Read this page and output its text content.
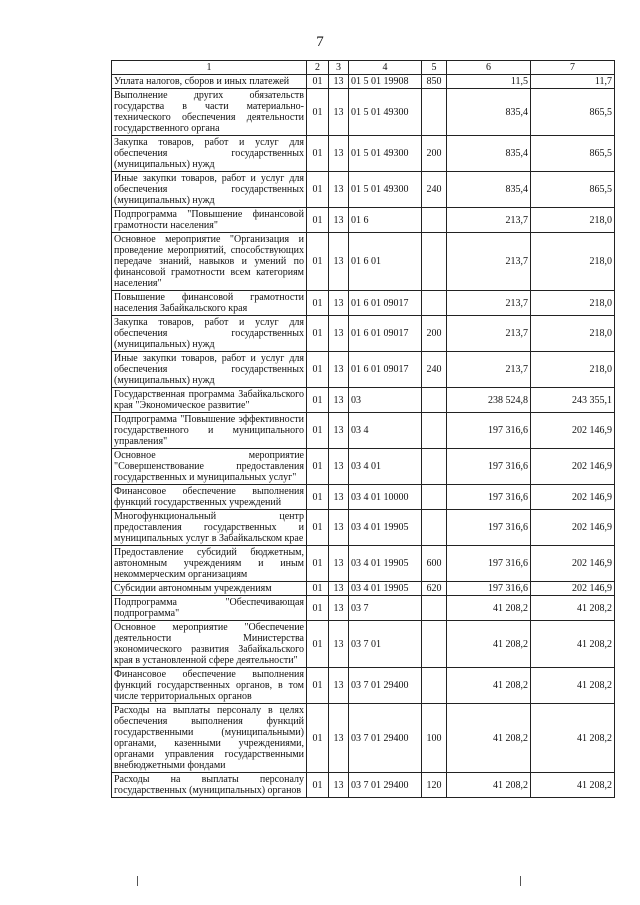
7
1	2	3	4	5	6	7
Уплата налогов, сборов и иных платежей	01	13	01 5 01 19908	850	11,5	11,7
Выполнение других обязательств государства в части материально-технического обеспечения деятельности государственного органа	01	13	01 5 01 49300		835,4	865,5
Закупка товаров, работ и услуг для обеспечения государственных (муниципальных) нужд	01	13	01 5 01 49300	200	835,4	865,5
Иные закупки товаров, работ и услуг для обеспечения государственных (муниципальных) нужд	01	13	01 5 01 49300	240	835,4	865,5
Подпрограмма "Повышение финансовой грамотности населения"	01	13	01 6		213,7	218,0
Основное мероприятие "Организация и проведение мероприятий, способствующих передаче знаний, навыков и умений по финансовой грамотности всем категориям населения"	01	13	01 6 01		213,7	218,0
Повышение финансовой грамотности населения Забайкальского края	01	13	01 6 01 09017		213,7	218,0
Закупка товаров, работ и услуг для обеспечения государственных (муниципальных) нужд	01	13	01 6 01 09017	200	213,7	218,0
Иные закупки товаров, работ и услуг для обеспечения государственных (муниципальных) нужд	01	13	01 6 01 09017	240	213,7	218,0
Государственная программа Забайкальского края "Экономическое развитие"	01	13	03		238 524,8	243 355,1
Подпрограмма "Повышение эффективности государственного и муниципального управления"	01	13	03 4		197 316,6	202 146,9
Основное мероприятие "Совершенствование предоставления государственных и муниципальных услуг"	01	13	03 4 01		197 316,6	202 146,9
Финансовое обеспечение выполнения функций государственных учреждений	01	13	03 4 01 10000		197 316,6	202 146,9
Многофункциональный центр предоставления государственных и муниципальных услуг в Забайкальском крае	01	13	03 4 01 19905		197 316,6	202 146,9
Предоставление субсидий бюджетным, автономным учреждениям и иным некоммерческим организациям	01	13	03 4 01 19905	600	197 316,6	202 146,9
Субсидии автономным учреждениям	01	13	03 4 01 19905	620	197 316,6	202 146,9
Подпрограмма "Обеспечивающая подпрограмма"	01	13	03 7		41 208,2	41 208,2
Основное мероприятие "Обеспечение деятельности Министерства экономического развития Забайкальского края в установленной сфере деятельности"	01	13	03 7 01		41 208,2	41 208,2
Финансовое обеспечение выполнения функций государственных органов, в том числе территориальных органов	01	13	03 7 01 29400		41 208,2	41 208,2
Расходы на выплаты персоналу в целях обеспечения выполнения функций государственными (муниципальными) органами, казенными учреждениями, органами управления государственными внебюджетными фондами	01	13	03 7 01 29400	100	41 208,2	41 208,2
Расходы на выплаты персоналу государственных (муниципальных) органов	01	13	03 7 01 29400	120	41 208,2	41 208,2
